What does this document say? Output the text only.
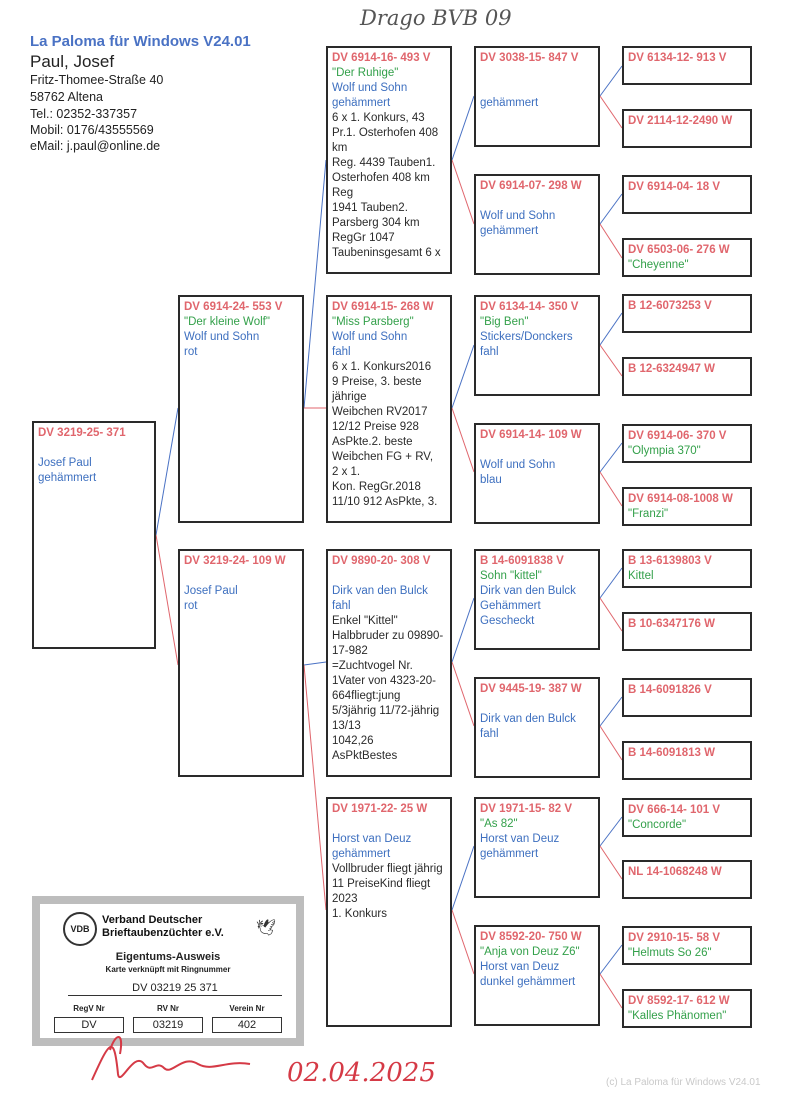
Drago BVB 09
La Paloma für Windows V24.01
Paul, Josef
Fritz-Thomee-Straße 40
58762 Altena
Tel.: 02352-337357
Mobil: 0176/43555569
eMail: j.paul@online.de
DV 3219-25- 371
Josef Paul
gehämmert
DV 6914-24- 553 V
"Der kleine Wolf"
Wolf und Sohn
rot
DV 3219-24- 109 W
Josef Paul
rot
DV 6914-16- 493 V
"Der Ruhige"
Wolf und Sohn
gehämmert
6 x 1. Konkurs, 43
Pr.1. Osterhofen 408
km
Reg. 4439 Tauben1.
Osterhofen 408 km
Reg
1941 Tauben2.
Parsberg 304 km
RegGr 1047
Taubeninsgesamt 6 x
DV 6914-15- 268 W
"Miss Parsberg"
Wolf und Sohn
fahl
6 x 1. Konkurs2016
9 Preise, 3. beste
jährige
Weibchen RV2017
12/12 Preise 928
AsPkte.2. beste
Weibchen FG + RV,
2 x 1.
Kon. RegGr.2018
11/10 912 AsPkte, 3.
DV 9890-20- 308 V
Dirk van den Bulck
fahl
Enkel "Kittel"
Halbbruder zu 09890-
17-982
=Zuchtvogel Nr.
1Vater von 4323-20-
664fliegt:jung
5/3jährig 11/72-jährig
13/13
1042,26
AsPktBestes
DV 1971-22- 25 W
Horst van Deuz
gehämmert
Vollbruder fliegt jährig
11 PreiseKind fliegt
2023
1. Konkurs
DV 3038-15- 847 V
gehämmert
DV 6914-07- 298 W
Wolf und Sohn
gehämmert
DV 6134-14- 350 V
"Big Ben"
Stickers/Donckers
fahl
DV 6914-14- 109 W
Wolf und Sohn
blau
B 14-6091838 V
Sohn "kittel"
Dirk van den Bulck
Gehämmert
Gescheckt
DV 9445-19- 387 W
Dirk van den Bulck
fahl
DV 1971-15- 82 V
"As 82"
Horst van Deuz
gehämmert
DV 8592-20- 750 W
"Anja von Deuz Z6"
Horst van Deuz
dunkel gehämmert
DV 6134-12- 913 V
DV 2114-12-2490 W
DV 6914-04- 18 V
DV 6503-06- 276 W
"Cheyenne"
B 12-6073253 V
B 12-6324947 W
DV 6914-06- 370 V
"Olympia 370"
DV 6914-08-1008 W
"Franzi"
B 13-6139803 V
Kittel
B 10-6347176 W
B 14-6091826 V
B 14-6091813 W
DV 666-14- 101 V
"Concorde"
NL 14-1068248 W
DV 2910-15- 58 V
"Helmuts So 26"
DV 8592-17- 612 W
"Kalles Phänomen"
VDB
Verband Deutscher
Brieftaubenzüchter e.V. 🕊
Eigentums-Ausweis
Karte verknüpft mit Ringnummer
DV 03219 25 371
RegV Nr
DV
RV Nr
03219
Verein Nr
402
02.04.2025	(c) La Paloma für Windows V24.01
